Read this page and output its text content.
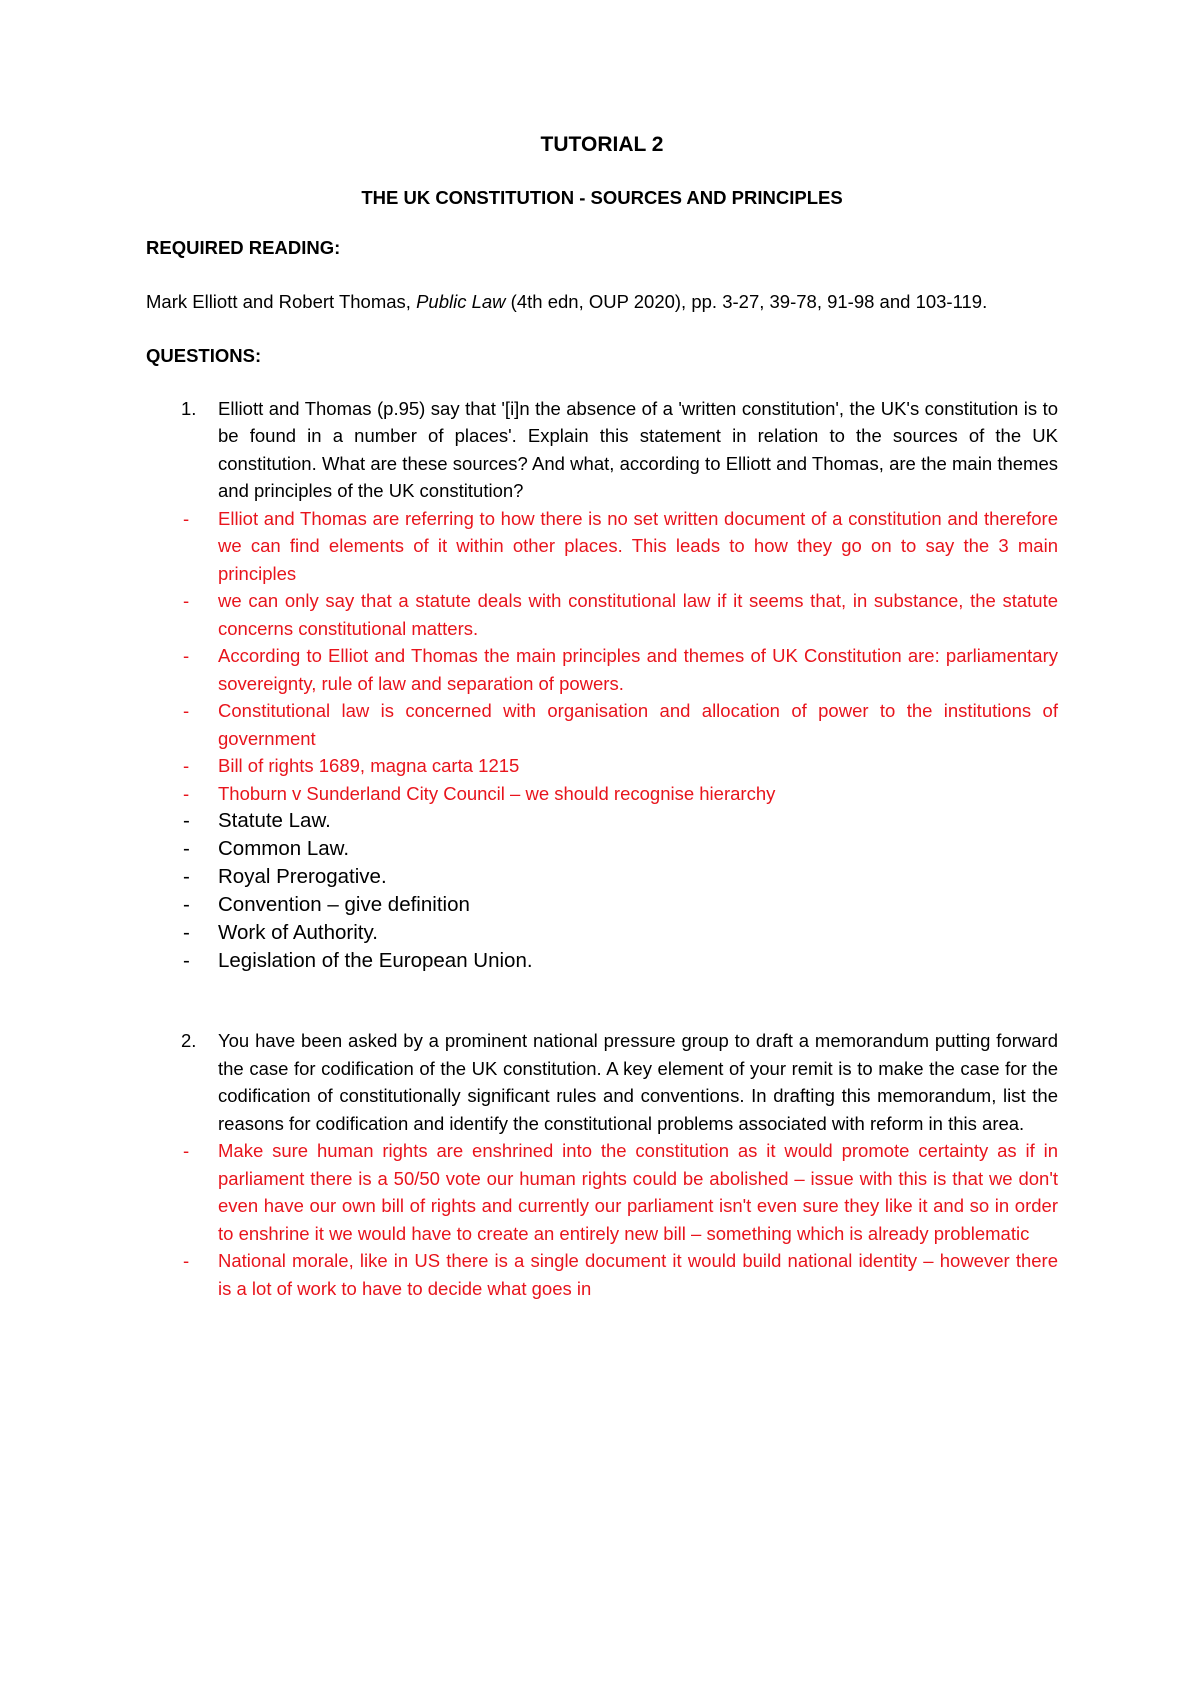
TUTORIAL 2

THE UK CONSTITUTION - SOURCES AND PRINCIPLES

REQUIRED READING:

Mark Elliott and Robert Thomas, Public Law (4th edn, OUP 2020), pp. 3-27, 39-78, 91-98 and 103-119.

QUESTIONS:

1.	Elliott and Thomas (p.95) say that '[i]n the absence of a 'written constitution', the UK's constitution is to be found in a number of places'. Explain this statement in relation to the sources of the UK constitution. What are these sources? And what, according to Elliott and Thomas, are the main themes and principles of the UK constitution?
-	Elliot and Thomas are referring to how there is no set written document of a constitution and therefore we can find elements of it within other places. This leads to how they go on to say the 3 main principles
-	we can only say that a statute deals with constitutional law if it seems that, in substance, the statute concerns constitutional matters.
-	According to Elliot and Thomas the main principles and themes of UK Constitution are: parliamentary sovereignty, rule of law and separation of powers.
-	Constitutional law is concerned with organisation and allocation of power to the institutions of government
-	Bill of rights 1689, magna carta 1215
-	Thoburn v Sunderland City Council – we should recognise hierarchy
-	Statute Law.
-	Common Law.
-	Royal Prerogative.
-	Convention – give definition
-	Work of Authority.
-	Legislation of the European Union.
2.	You have been asked by a prominent national pressure group to draft a memorandum putting forward the case for codification of the UK constitution. A key element of your remit is to make the case for the codification of constitutionally significant rules and conventions. In drafting this memorandum, list the reasons for codification and identify the constitutional problems associated with reform in this area.
-	Make sure human rights are enshrined into the constitution as it would promote certainty as if in parliament there is a 50/50 vote our human rights could be abolished – issue with this is that we don't even have our own bill of rights and currently our parliament isn't even sure they like it and so in order to enshrine it we would have to create an entirely new bill – something which is already problematic
-	National morale, like in US there is a single document it would build national identity – however there is a lot of work to have to decide what goes in
